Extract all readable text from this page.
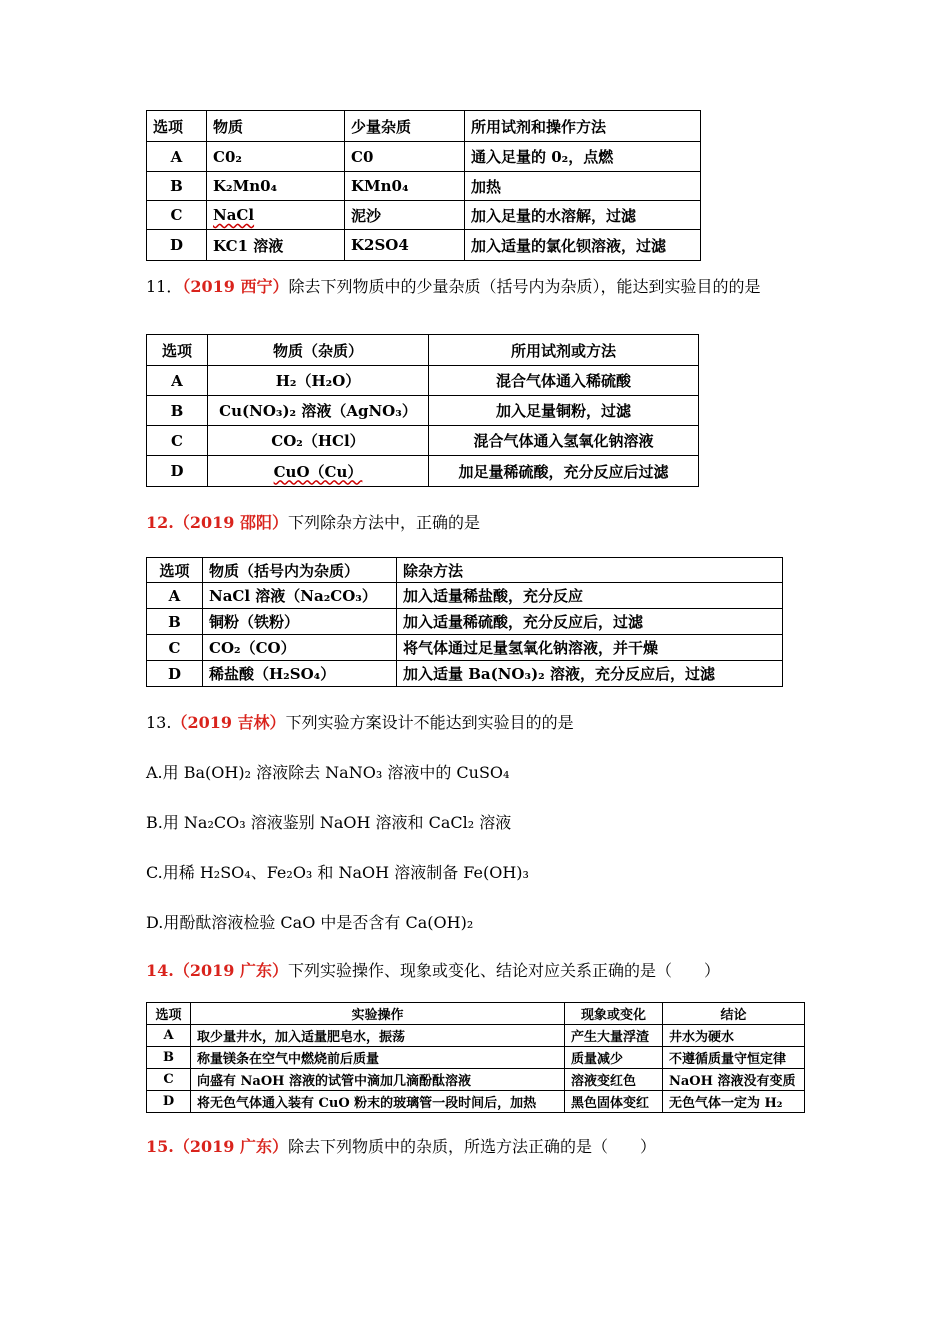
选项	物质	少量杂质	所用试剂和操作方法
A	C0₂	C0	通入足量的 0₂，点燃
B	K₂Mn0₄	KMn0₄	加热
C	NaCl	泥沙	加入足量的水溶解，过滤
D	KC1 溶液	K2SO4	加入适量的氯化钡溶液，过滤
11．（2019 西宁）除去下列物质中的少量杂质（括号内为杂质），能达到实验目的的是
选项	物质（杂质）	所用试剂或方法
A	H₂（H₂O）	混合气体通入稀硫酸
B	Cu(NO₃)₂ 溶液（AgNO₃）	加入足量铜粉，过滤
C	CO₂（HCl）	混合气体通入氢氧化钠溶液
D	CuO（Cu）	加足量稀硫酸，充分反应后过滤
12.（2019 邵阳）下列除杂方法中，正确的是
选项	物质（括号内为杂质）	除杂方法
A	NaCl 溶液（Na₂CO₃）	加入适量稀盐酸，充分反应
B	铜粉（铁粉）	加入适量稀硫酸，充分反应后，过滤
C	CO₂（CO）	将气体通过足量氢氧化钠溶液，并干燥
D	稀盐酸（H₂SO₄）	加入适量 Ba(NO₃)₂ 溶液，充分反应后，过滤
13.（2019 吉林）下列实验方案设计不能达到实验目的的是
A.用 Ba(OH)₂ 溶液除去 NaNO₃ 溶液中的 CuSO₄
B.用 Na₂CO₃ 溶液鉴别 NaOH 溶液和 CaCl₂ 溶液
C.用稀 H₂SO₄、Fe₂O₃ 和 NaOH 溶液制备 Fe(OH)₃
D.用酚酞溶液检验 CaO 中是否含有 Ca(OH)₂
14.（2019 广东）下列实验操作、现象或变化、结论对应关系正确的是（　　）
选项	实验操作	现象或变化	结论
A	取少量井水，加入适量肥皂水，振荡	产生大量浮渣	井水为硬水
B	称量镁条在空气中燃烧前后质量	质量减少	不遵循质量守恒定律
C	向盛有 NaOH 溶液的试管中滴加几滴酚酞溶液	溶液变红色	NaOH 溶液没有变质
D	将无色气体通入装有 CuO 粉末的玻璃管一段时间后，加热	黑色固体变红	无色气体一定为 H₂
15.（2019 广东）除去下列物质中的杂质，所选方法正确的是（　　）
